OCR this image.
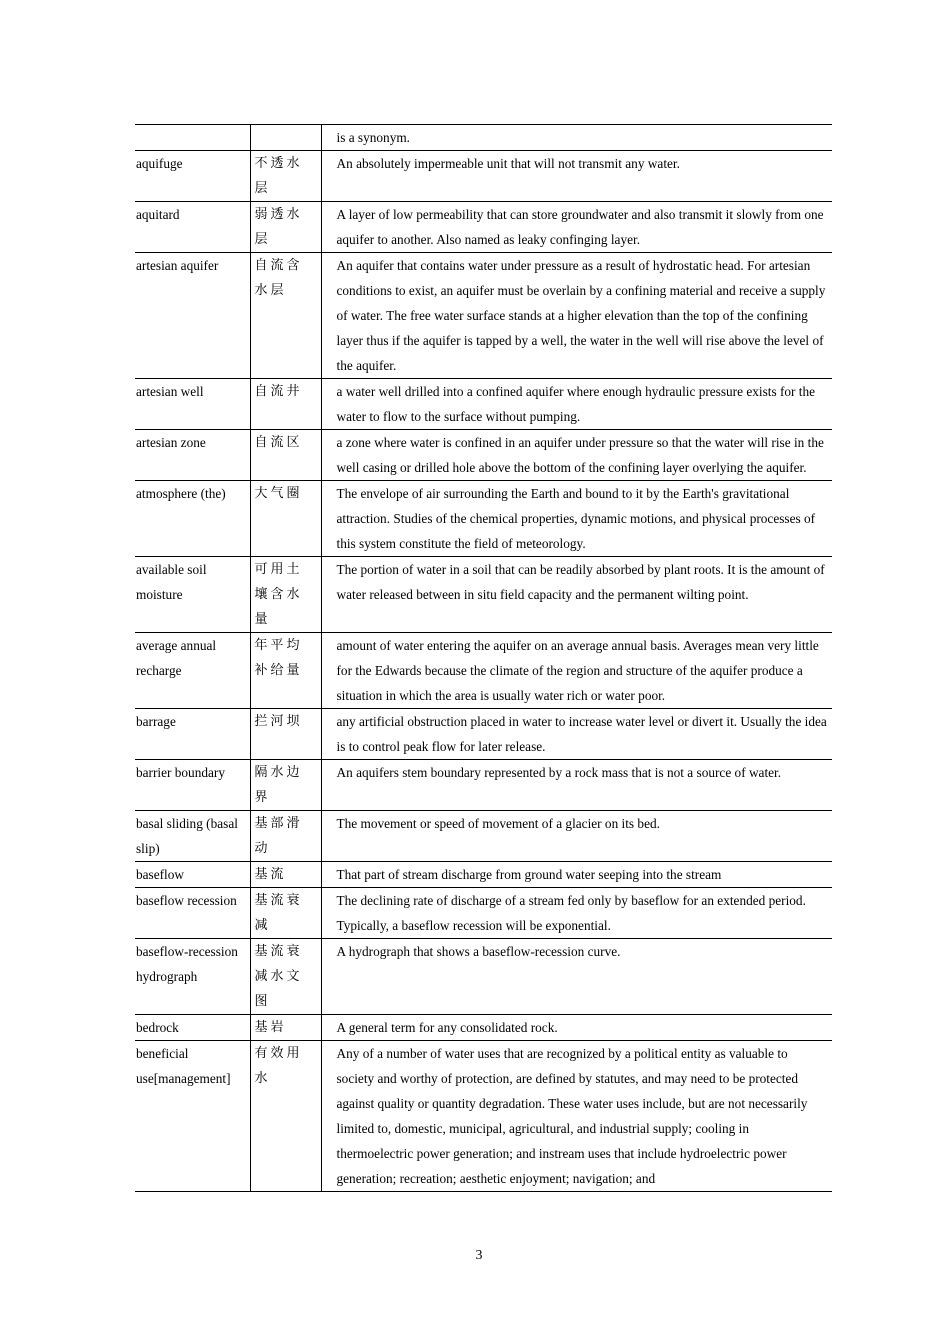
		is a synonym.
aquifuge	不透水层	An absolutely impermeable unit that will not transmit any water.
aquitard	弱透水层	A layer of low permeability that can store groundwater and also transmit it slowly from one aquifer to another. Also named as leaky confinging layer.
artesian aquifer	自流含水层	An aquifer that contains water under pressure as a result of hydrostatic head. For artesian conditions to exist, an aquifer must be overlain by a confining material and receive a supply of water. The free water surface stands at a higher elevation than the top of the confining layer thus if the aquifer is tapped by a well, the water in the well will rise above the level of the aquifer.
artesian well	自流井	a water well drilled into a confined aquifer where enough hydraulic pressure exists for the water to flow to the surface without pumping.
artesian zone	自流区	a zone where water is confined in an aquifer under pressure so that the water will rise in the well casing or drilled hole above the bottom of the confining layer overlying the aquifer.
atmosphere (the)	大气圈	The envelope of air surrounding the Earth and bound to it by the Earth's gravitational attraction. Studies of the chemical properties, dynamic motions, and physical processes of this system constitute the field of meteorology.
available soil moisture	可用土壤含水量	The portion of water in a soil that can be readily absorbed by plant roots. It is the amount of water released between in situ field capacity and the permanent wilting point.
average annual recharge	年平均补给量	amount of water entering the aquifer on an average annual basis. Averages mean very little for the Edwards because the climate of the region and structure of the aquifer produce a situation in which the area is usually water rich or water poor.
barrage	拦河坝	any artificial obstruction placed in water to increase water level or divert it. Usually the idea is to control peak flow for later release.
barrier boundary	隔水边界	An aquifers stem boundary represented by a rock mass that is not a source of water.
basal sliding (basal slip)	基部滑动	The movement or speed of movement of a glacier on its bed.
baseflow	基流	That part of stream discharge from ground water seeping into the stream
baseflow recession	基流衰减	The declining rate of discharge of a stream fed only by baseflow for an extended period. Typically, a baseflow recession will be exponential.
baseflow-recession hydrograph	基流衰减水文图	A hydrograph that shows a baseflow-recession curve.
bedrock	基岩	A general term for any consolidated rock.
beneficial use[management]	有效用水	Any of a number of water uses that are recognized by a political entity as valuable to society and worthy of protection, are defined by statutes, and may need to be protected against quality or quantity degradation. These water uses include, but are not necessarily limited to, domestic, municipal, agricultural, and industrial supply; cooling in thermoelectric power generation; and instream uses that include hydroelectric power generation; recreation; aesthetic enjoyment; navigation; and
3
